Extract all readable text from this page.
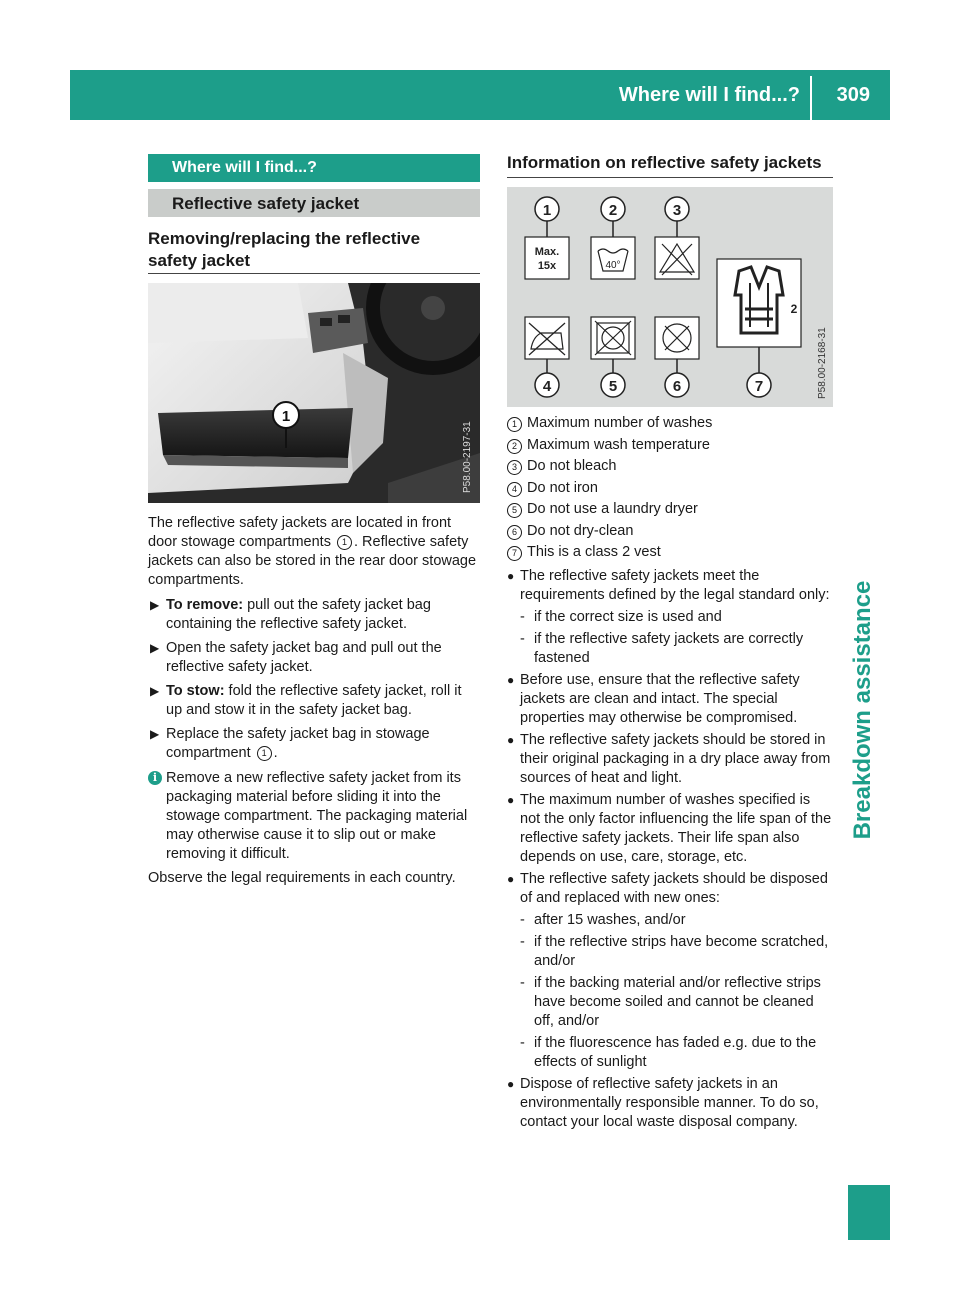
Where will I find...? 309
Breakdown assistance
Where will I find...?
Reflective safety jacket
Removing/replacing the reflective
safety jacket
1
P58.00-2197-31

The reflective safety jackets are located in front door stowage compartments 1 . Reflective safety jackets can also be stored in the rear door stowage compartments.

▶ To remove: pull out the safety jacket bag containing the reflective safety jacket.

▶ Open the safety jacket bag and pull out the reflective safety jacket.

▶ To stow: fold the reflective safety jacket, roll it up and stow it in the safety jacket bag.

▶ Replace the safety jacket bag in stowage compartment 1 .

i Remove a new reflective safety jacket from its packaging material before sliding it into the stowage compartment. The packaging material may otherwise cause it to slip out or make removing it difficult.

Observe the legal requirements in each country.

Information on reflective safety jackets
1	2	3
4	5	6	7
Max.
15x	40°
2
P58.00-2168-31
1 Maximum number of washes
2 Maximum wash temperature
3 Do not bleach
4 Do not iron
5 Do not use a laundry dryer
6 Do not dry-clean
7 This is a class 2 vest
● The reflective safety jackets meet the requirements defined by the legal standard only:
- if the correct size is used and
- if the reflective safety jackets are correctly fastened
● Before use, ensure that the reflective safety jackets are clean and intact. The special properties may otherwise be compromised.
● The reflective safety jackets should be stored in their original packaging in a dry place away from sources of heat and light.
● The maximum number of washes specified is not the only factor influencing the life span of the reflective safety jackets. Their life span also depends on use, care, storage, etc.
● The reflective safety jackets should be disposed of and replaced with new ones:
- after 15 washes, and/or
- if the reflective strips have become scratched, and/or
- if the backing material and/or reflective strips have become soiled and cannot be cleaned off, and/or
- if the fluorescence has faded e.g. due to the effects of sunlight
● Dispose of reflective safety jackets in an environmentally responsible manner. To do so, contact your local waste disposal company.
